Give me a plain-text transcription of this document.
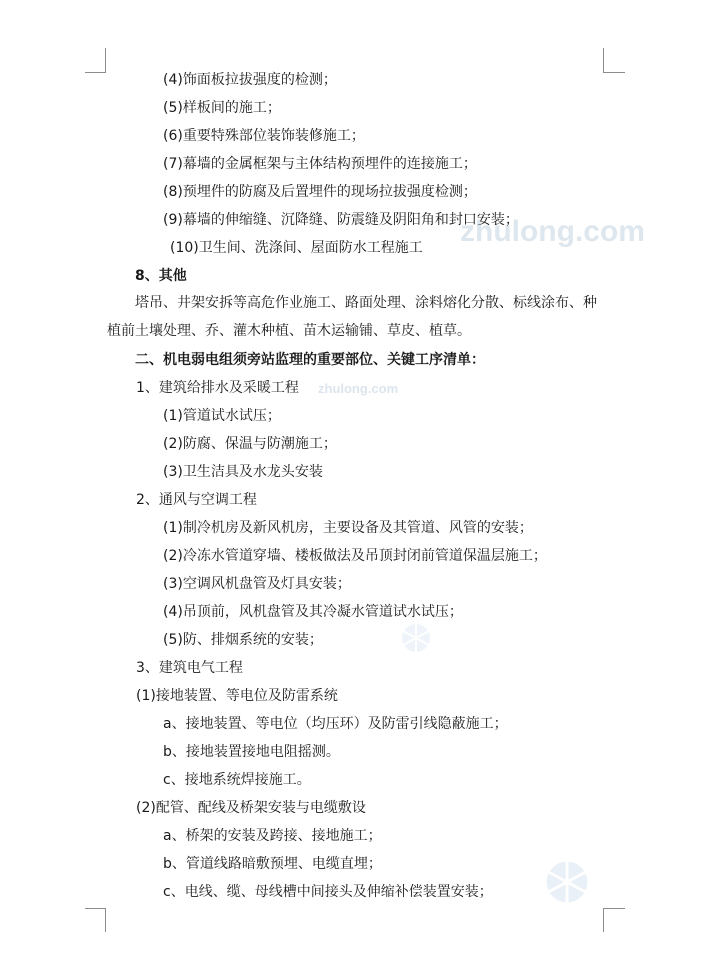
zhulong.com
zhulong.com
(4)饰面板拉拔强度的检测；
(5)样板间的施工；
(6)重要特殊部位装饰装修施工；
(7)幕墙的金属框架与主体结构预埋件的连接施工；
(8)预埋件的防腐及后置埋件的现场拉拔强度检测；
(9)幕墙的伸缩缝、沉降缝、防震缝及阴阳角和封口安装；
(10)卫生间、洗涤间、屋面防水工程施工
8、其他
塔吊、井架安拆等高危作业施工、路面处理、涂料熔化分散、标线涂布、种植前土壤处理、乔、灌木种植、苗木运输铺、草皮、植草。
二、机电弱电组须旁站监理的重要部位、关键工序清单：
1、建筑给排水及采暖工程
(1)管道试水试压；
(2)防腐、保温与防潮施工；
(3)卫生洁具及水龙头安装
2、通风与空调工程
(1)制冷机房及新风机房，主要设备及其管道、风管的安装；
(2)冷冻水管道穿墙、楼板做法及吊顶封闭前管道保温层施工；
(3)空调风机盘管及灯具安装；
(4)吊顶前，风机盘管及其冷凝水管道试水试压；
(5)防、排烟系统的安装；
3、建筑电气工程
(1)接地装置、等电位及防雷系统
a、接地装置、等电位（均压环）及防雷引线隐蔽施工；
b、接地装置接地电阻摇测。
c、接地系统焊接施工。
(2)配管、配线及桥架安装与电缆敷设
a、桥架的安装及跨接、接地施工；
b、管道线路暗敷预埋、电缆直埋；
c、电线、缆、母线槽中间接头及伸缩补偿装置安装；
